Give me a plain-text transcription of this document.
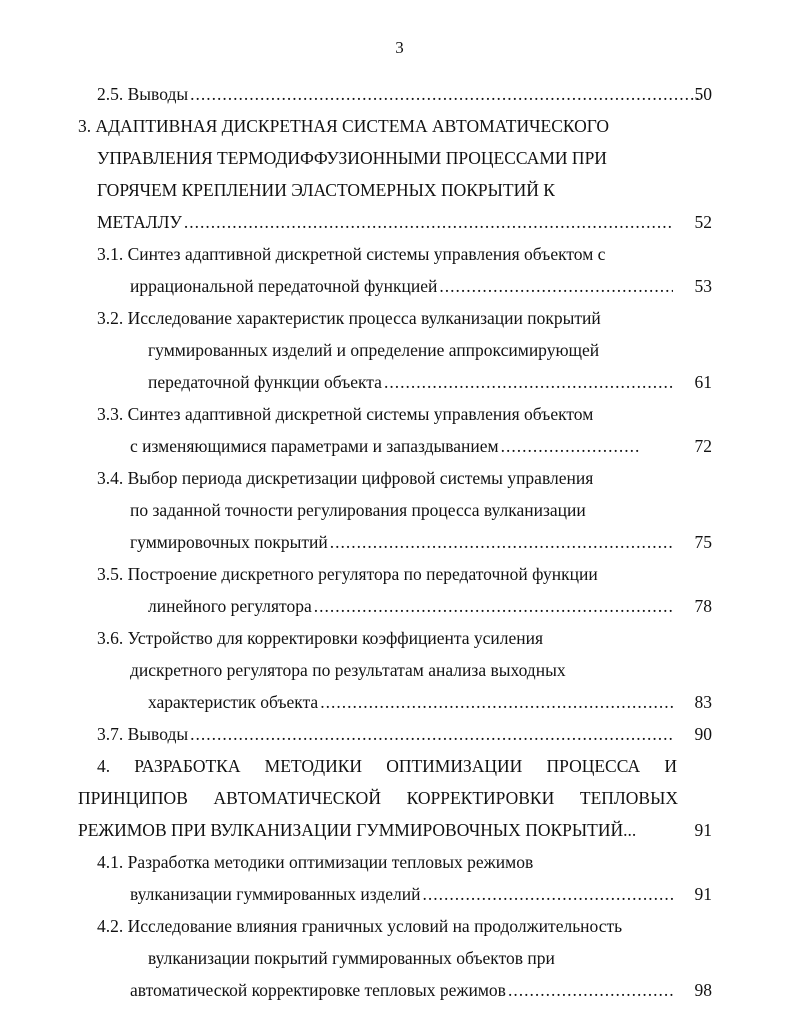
3
2.5. Выводы .....	50
3. АДАПТИВНАЯ ДИСКРЕТНАЯ СИСТЕМА АВТОМАТИЧЕСКОГО
УПРАВЛЕНИЯ ТЕРМОДИФФУЗИОННЫМИ ПРОЦЕССАМИ ПРИ
ГОРЯЧЕМ КРЕПЛЕНИИ ЭЛАСТОМЕРНЫХ ПОКРЫТИЙ К
МЕТАЛЛУ .....	52
3.1. Синтез адаптивной дискретной системы управления объектом с
иррациональной передаточной функцией .....	53
3.2. Исследование характеристик процесса вулканизации покрытий
гуммированных изделий и определение аппроксимирующей
передаточной функции объекта .....	61
3.3. Синтез адаптивной дискретной системы управления объектом
с изменяющимися параметрами и запаздыванием .....	72
3.4. Выбор периода дискретизации цифровой системы управления
по заданной точности регулирования процесса вулканизации
гуммировочных покрытий .....	75
3.5. Построение дискретного регулятора по передаточной функции
линейного регулятора .....	78
3.6. Устройство для корректировки коэффициента усиления
дискретного регулятора по результатам анализа выходных
характеристик объекта .....	83
3.7. Выводы .....	90
4. РАЗРАБОТКА МЕТОДИКИ ОПТИМИЗАЦИИ ПРОЦЕССА И
ПРИНЦИПОВ АВТОМАТИЧЕСКОЙ КОРРЕКТИРОВКИ ТЕПЛОВЫХ
РЕЖИМОВ ПРИ ВУЛКАНИЗАЦИИ ГУММИРОВОЧНЫХ ПОКРЫТИЙ...	91
4.1. Разработка методики оптимизации тепловых режимов
вулканизации гуммированных изделий .....	91
4.2. Исследование влияния граничных условий на продолжительность
вулканизации покрытий гуммированных объектов при
автоматической корректировке тепловых режимов .....	98
